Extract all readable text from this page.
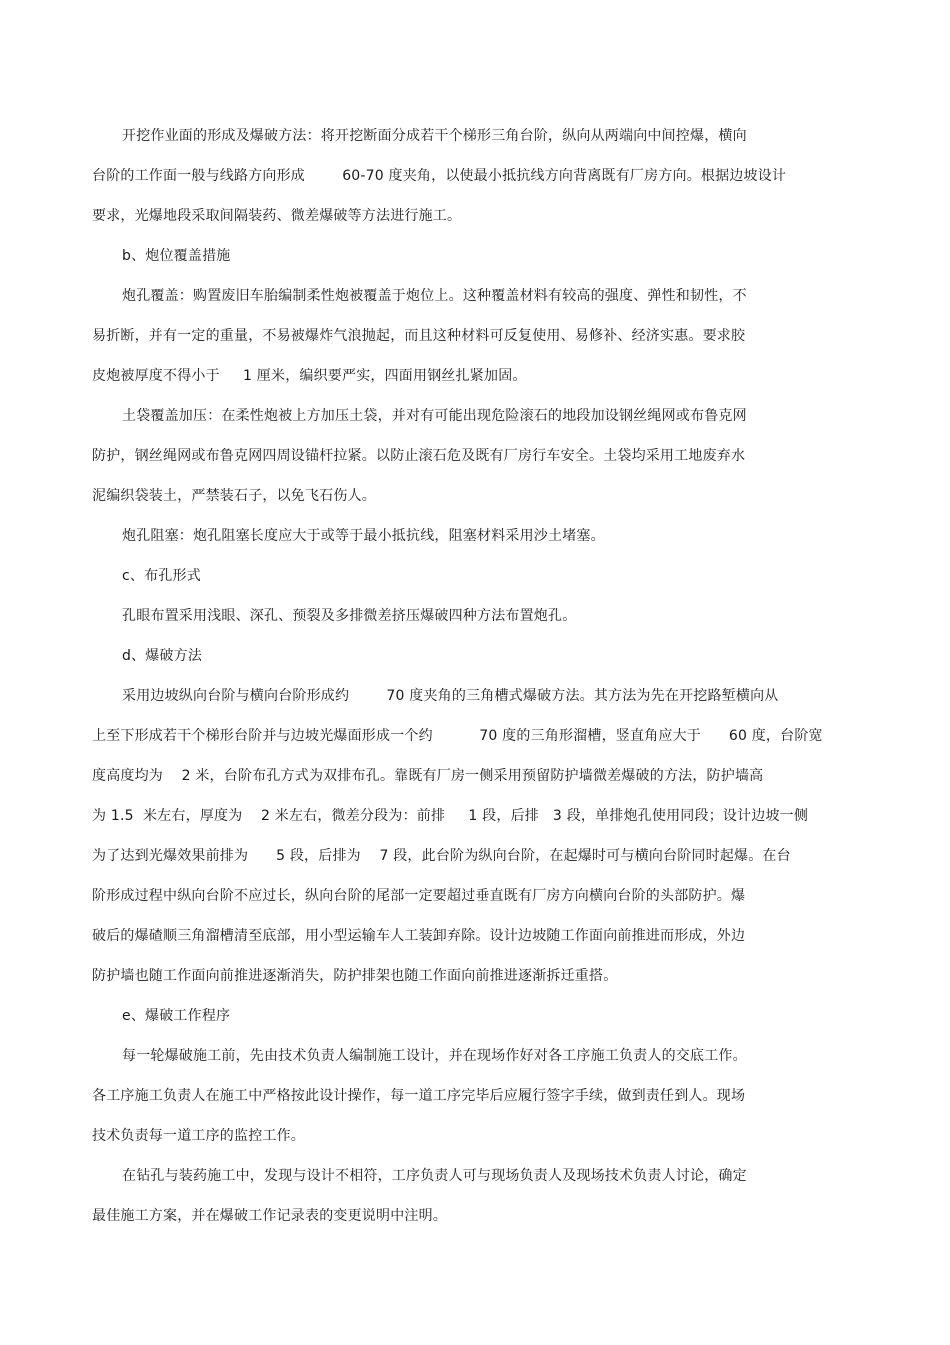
开挖作业面的形成及爆破方法：将开挖断面分成若干个梯形三角台阶，纵向从两端向中间控爆，横向
台阶的工作面一般与线路方向形成        60-70 度夹角，以使最小抵抗线方向背离既有厂房方向。根据边坡设计
要求，光爆地段采取间隔装药、微差爆破等方法进行施工。
b、炮位覆盖措施
炮孔覆盖：购置废旧车胎编制柔性炮被覆盖于炮位上。这种覆盖材料有较高的强度、弹性和韧性，不
易折断，并有一定的重量，不易被爆炸气浪抛起，而且这种材料可反复使用、易修补、经济实惠。要求胶
皮炮被厚度不得小于     1 厘米，编织要严实，四面用钢丝扎紧加固。
土袋覆盖加压：在柔性炮被上方加压土袋，并对有可能出现危险滚石的地段加设钢丝绳网或布鲁克网
防护，钢丝绳网或布鲁克网四周设锚杆拉紧。以防止滚石危及既有厂房行车安全。土袋均采用工地废弃水
泥编织袋装土，严禁装石子，以免飞石伤人。
炮孔阻塞：炮孔阻塞长度应大于或等于最小抵抗线，阻塞材料采用沙土堵塞。
c、布孔形式
孔眼布置采用浅眼、深孔、预裂及多排微差挤压爆破四种方法布置炮孔。
d、爆破方法
采用边坡纵向台阶与横向台阶形成约        70 度夹角的三角槽式爆破方法。其方法为先在开挖路堑横向从
上至下形成若干个梯形台阶并与边坡光爆面形成一个约          70 度的三角形溜槽，竖直角应大于      60 度，台阶宽
度高度均为    2 米，台阶布孔方式为双排布孔。靠既有厂房一侧采用预留防护墙微差爆破的方法，防护墙高
为 1.5  米左右，厚度为    2 米左右，微差分段为：前排     1 段，后排   3 段，单排炮孔使用同段；设计边坡一侧
为了达到光爆效果前排为      5 段，后排为    7 段，此台阶为纵向台阶，在起爆时可与横向台阶同时起爆。在台
阶形成过程中纵向台阶不应过长，纵向台阶的尾部一定要超过垂直既有厂房方向横向台阶的头部防护。爆
破后的爆碴顺三角溜槽清至底部，用小型运输车人工装卸弃除。设计边坡随工作面向前推进而形成，外边
防护墙也随工作面向前推进逐渐消失，防护排架也随工作面向前推进逐渐拆迁重搭。
e、爆破工作程序
每一轮爆破施工前，先由技术负责人编制施工设计，并在现场作好对各工序施工负责人的交底工作。
各工序施工负责人在施工中严格按此设计操作，每一道工序完毕后应履行签字手续，做到责任到人。现场
技术负责每一道工序的监控工作。
在钻孔与装药施工中，发现与设计不相符，工序负责人可与现场负责人及现场技术负责人讨论，确定
最佳施工方案，并在爆破工作记录表的变更说明中注明。
